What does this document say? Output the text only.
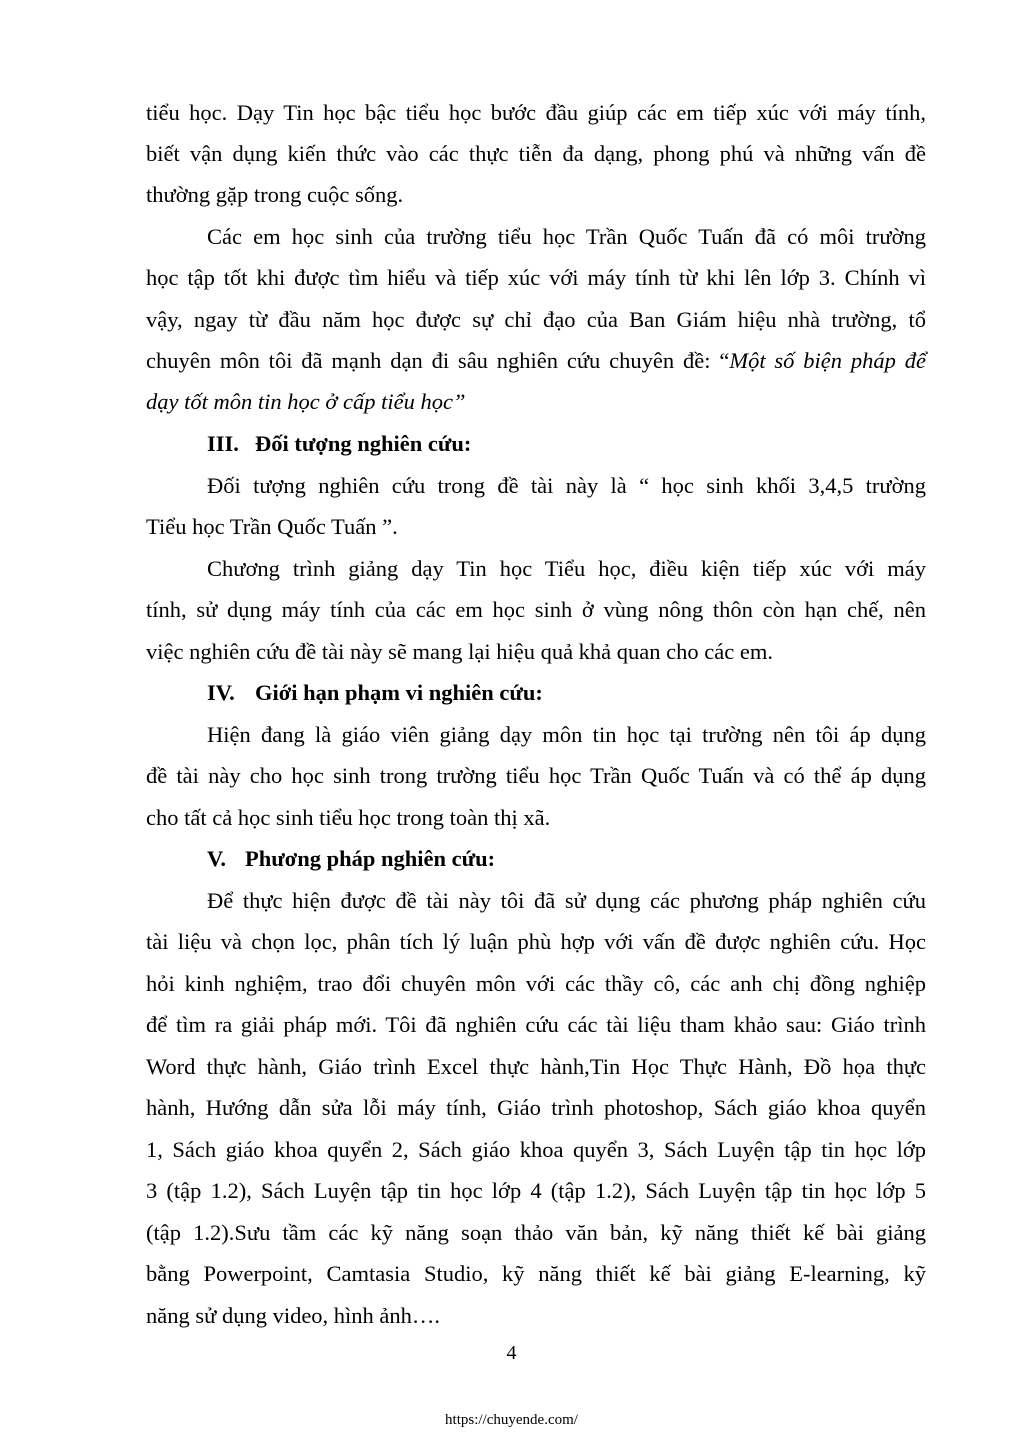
tiểu học. Dạy Tin học bậc tiểu học bước đầu giúp các em tiếp xúc với máy tính,
biết vận dụng kiến thức vào các thực tiễn đa dạng, phong phú và những vấn đề
thường gặp trong cuộc sống.
Các em học sinh của trường tiểu học Trần Quốc Tuấn đã có môi trường
học tập tốt khi được tìm hiểu và tiếp xúc với máy tính từ khi lên lớp 3. Chính vì
vậy, ngay từ đầu năm học được sự chỉ đạo của Ban Giám hiệu nhà trường, tổ
chuyên môn tôi đã mạnh dạn đi sâu nghiên cứu chuyên đề: “Một số biện pháp để
dạy tốt môn tin học ở cấp tiểu học”
III. Đối tượng nghiên cứu:
Đối tượng nghiên cứu trong đề tài này là “ học sinh khối 3,4,5 trường
Tiểu học Trần Quốc Tuấn ”.
Chương trình giảng dạy Tin học Tiểu học, điều kiện tiếp xúc với máy
tính, sử dụng máy tính của các em học sinh ở vùng nông thôn còn hạn chế, nên
việc nghiên cứu đề tài này sẽ mang lại hiệu quả khả quan cho các em.
IV. Giới hạn phạm vi nghiên cứu:
Hiện đang là giáo viên giảng dạy môn tin học tại trường nên tôi áp dụng
đề tài này cho học sinh trong trường tiểu học Trần Quốc Tuấn và có thể áp dụng
cho tất cả học sinh tiểu học trong toàn thị xã.
V. Phương pháp nghiên cứu:
Để thực hiện được đề tài này tôi đã sử dụng các phương pháp nghiên cứu
tài liệu và chọn lọc, phân tích lý luận phù hợp với vấn đề được nghiên cứu. Học
hỏi kinh nghiệm, trao đổi chuyên môn với các thầy cô, các anh chị đồng nghiệp
để tìm ra giải pháp mới. Tôi đã nghiên cứu các tài liệu tham khảo sau: Giáo trình
Word thực hành, Giáo trình Excel thực hành,Tin Học Thực Hành, Đồ họa thực
hành, Hướng dẫn sửa lỗi máy tính, Giáo trình photoshop, Sách giáo khoa quyển
1, Sách giáo khoa quyển 2, Sách giáo khoa quyển 3, Sách Luyện tập tin học lớp
3 (tập 1.2), Sách Luyện tập tin học lớp 4 (tập 1.2), Sách Luyện tập tin học lớp 5
(tập 1.2).Sưu tầm các kỹ năng soạn thảo văn bản, kỹ năng thiết kế bài giảng
bằng Powerpoint, Camtasia Studio, kỹ năng thiết kế bài giảng E-learning, kỹ
năng sử dụng video, hình ảnh….
4
https://chuyende.com/
